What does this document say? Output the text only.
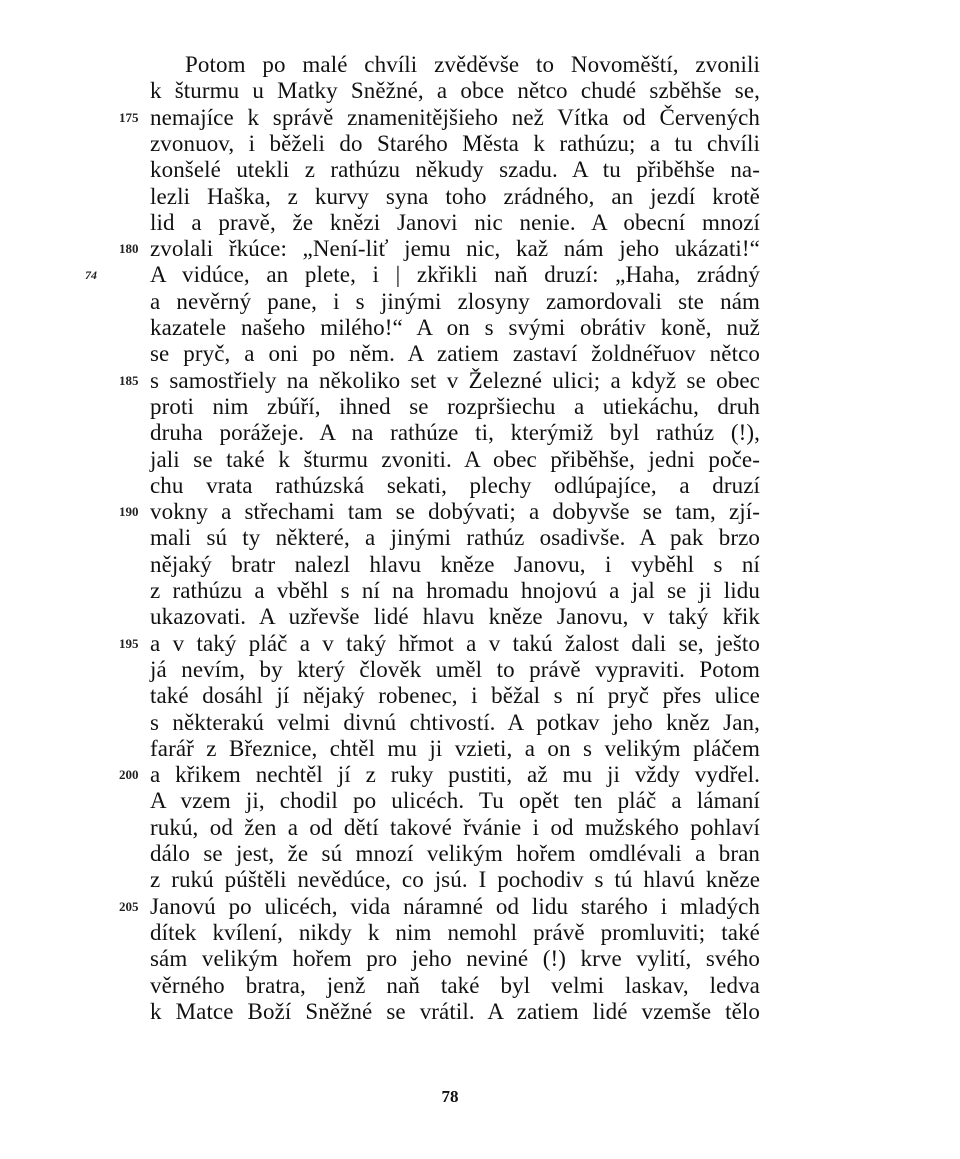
Potom po malé chvíli zvěděvše to Novoměští, zvonili
k šturmu u Matky Sněžné, a obce nětco chudé szběhše se,
nemajíce k správě znamenitějšieho než Vítka od Červených
zvonuov, i běželi do Starého Města k rathúzu; a tu chvíli
konšelé utekli z rathúzu někudy szadu. A tu přiběhše na-
lezli Haška, z kurvy syna toho zrádného, an jezdí krotě
lid a pravě, že knězi Janovi nic nenie. A obecní mnozí
zvolali řkúce: „Není-liť jemu nic, kaž nám jeho ukázati!“
A vidúce, an plete, i | zkřikli naň druzí: „Haha, zrádný
a nevěrný pane, i s jinými zlosyny zamordovali ste nám
kazatele našeho milého!“ A on s svými obrátiv koně, nuž
se pryč, a oni po něm. A zatiem zastaví žoldnéřuov nětco
s samostřiely na několiko set v Železné ulici; a když se obec
proti nim zbúří, ihned se rozpršiechu a utiekáchu, druh
druha porážeje. A na rathúze ti, kterýmiž byl rathúz (!),
jali se také k šturmu zvoniti. A obec přiběhše, jedni poče-
chu vrata rathúzská sekati, plechy odlúpajíce, a druzí
vokny a střechami tam se dobývati; a dobyvše se tam, zjí-
mali sú ty některé, a jinými rathúz osadivše. A pak brzo
nějaký bratr nalezl hlavu kněze Janovu, i vyběhl s ní
z rathúzu a vběhl s ní na hromadu hnojovú a jal se ji lidu
ukazovati. A uzřevše lidé hlavu kněze Janovu, v taký křik
a v taký pláč a v taký hřmot a v takú žalost dali se, ješto
já nevím, by který člověk uměl to právě vypraviti. Potom
také dosáhl jí nějaký robenec, i běžal s ní pryč přes ulice
s některakú velmi divnú chtivostí. A potkav jeho kněz Jan,
farář z Březnice, chtěl mu ji vzieti, a on s velikým pláčem
a křikem nechtěl jí z ruky pustiti, až mu ji vždy vydřel.
A vzem ji, chodil po ulicéch. Tu opět ten pláč a lámaní
rukú, od žen a od dětí takové řvánie i od mužského pohlaví
dálo se jest, že sú mnozí velikým hořem omdlévali a bran
z rukú púštěli nevědúce, co jsú. I pochodiv s tú hlavú kněze
Janovú po ulicéch, vida náramné od lidu starého i mladých
dítek kvílení, nikdy k nim nemohl právě promluviti; také
sám velikým hořem pro jeho neviné (!) krve vylití, svého
věrného bratra, jenž naň také byl velmi laskav, ledva
k Matce Boží Sněžné se vrátil. A zatiem lidé vzemše tělo
175
180
185
190
195
200
205
74
78
